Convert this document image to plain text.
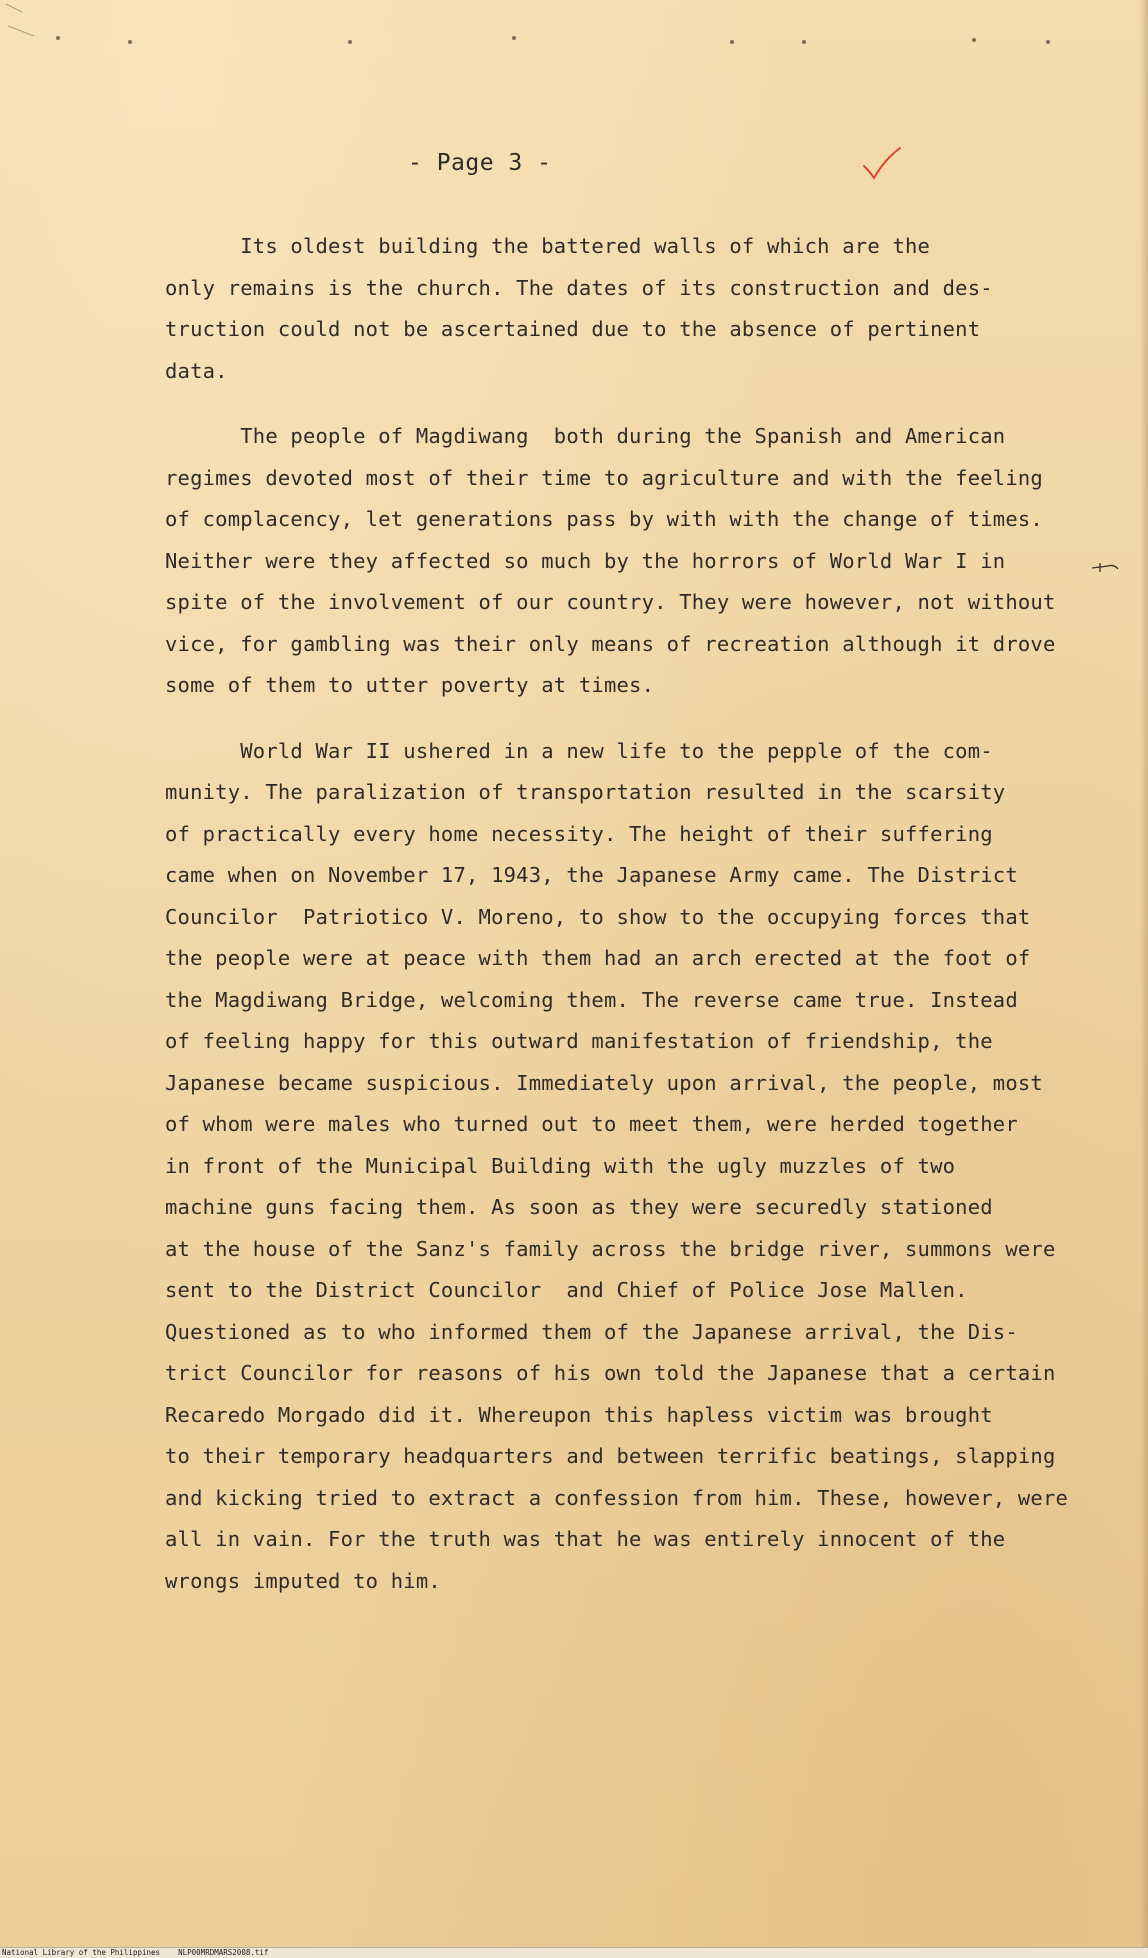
- Page 3 -
Its oldest building the battered walls of which are the
only remains is the church. The dates of its construction and des-
truction could not be ascertained due to the absence of pertinent
data.
The people of Magdiwang  both during the Spanish and American
regimes devoted most of their time to agriculture and with the feeling
of complacency, let generations pass by with with the change of times.
Neither were they affected so much by the horrors of World War I in
spite of the involvement of our country. They were however, not without
vice, for gambling was their only means of recreation although it drove
some of them to utter poverty at times.
World War II ushered in a new life to the pepple of the com-
munity. The paralization of transportation resulted in the scarsity
of practically every home necessity. The height of their suffering
came when on November 17, 1943, the Japanese Army came. The District
Councilor  Patriotico V. Moreno, to show to the occupying forces that
the people were at peace with them had an arch erected at the foot of
the Magdiwang Bridge, welcoming them. The reverse came true. Instead
of feeling happy for this outward manifestation of friendship, the
Japanese became suspicious. Immediately upon arrival, the people, most
of whom were males who turned out to meet them, were herded together
in front of the Municipal Building with the ugly muzzles of two
machine guns facing them. As soon as they were securedly stationed
at the house of the Sanz's family across the bridge river, summons were
sent to the District Councilor  and Chief of Police Jose Mallen.
Questioned as to who informed them of the Japanese arrival, the Dis-
trict Councilor for reasons of his own told the Japanese that a certain
Recaredo Morgado did it. Whereupon this hapless victim was brought
to their temporary headquarters and between terrific beatings, slapping
and kicking tried to extract a confession from him. These, however, were
all in vain. For the truth was that he was entirely innocent of the
wrongs imputed to him.
National Library of the Philippines    NLP00MRDMARS2008.tif
